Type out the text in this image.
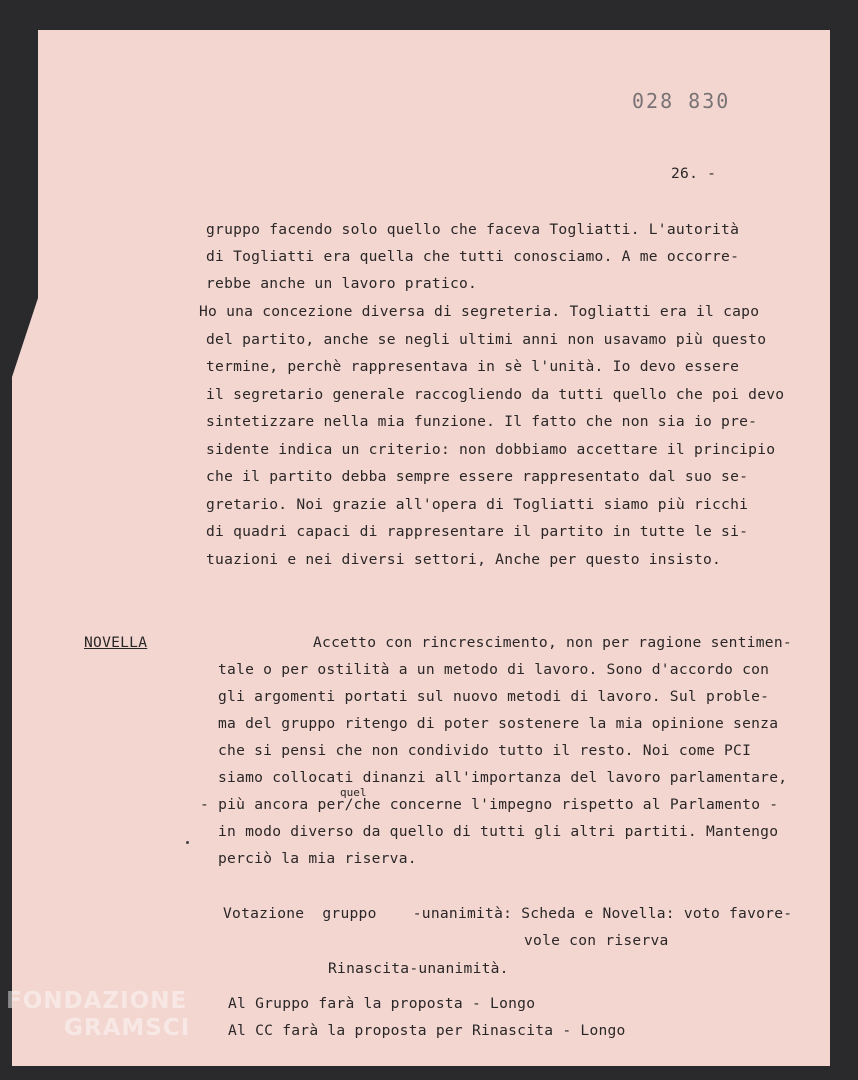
028 830
26. -
gruppo facendo solo quello che faceva Togliatti. L'autorità
di Togliatti era quella che tutti conosciamo. A me occorre-
rebbe anche un lavoro pratico.
Ho una concezione diversa di segreteria. Togliatti era il capo
del partito, anche se negli ultimi anni non usavamo più questo
termine, perchè rappresentava in sè l'unità. Io devo essere
il segretario generale raccogliendo da tutti quello che poi devo
sintetizzare nella mia funzione. Il fatto che non sia io pre-
sidente indica un criterio: non dobbiamo accettare il principio
che il partito debba sempre essere rappresentato dal suo se-
gretario. Noi grazie all'opera di Togliatti siamo più ricchi
di quadri capaci di rappresentare il partito in tutte le si-
tuazioni e nei diversi settori, Anche per questo insisto.
NOVELLA	Accetto con rincrescimento, non per ragione sentimen-
tale o per ostilità a un metodo di lavoro. Sono d'accordo con
gli argomenti portati sul nuovo metodi di lavoro. Sul proble-
ma del gruppo ritengo di poter sostenere la mia opinione senza
che si pensi che non condivido tutto il resto. Noi come PCI
siamo collocati dinanzi all'importanza del lavoro parlamentare,
- più ancora per/che concerne l'impegno rispetto al Parlamento -
in modo diverso da quello di tutti gli altri partiti. Mantengo
perciò la mia riserva.
quel
Votazione  gruppo    -unanimità: Scheda e Novella: voto favore-
vole con riserva
Rinascita-unanimità.
Al Gruppo farà la proposta - Longo
Al CC farà la proposta per Rinascita - Longo
FONDAZIONE
GRAMSCI
